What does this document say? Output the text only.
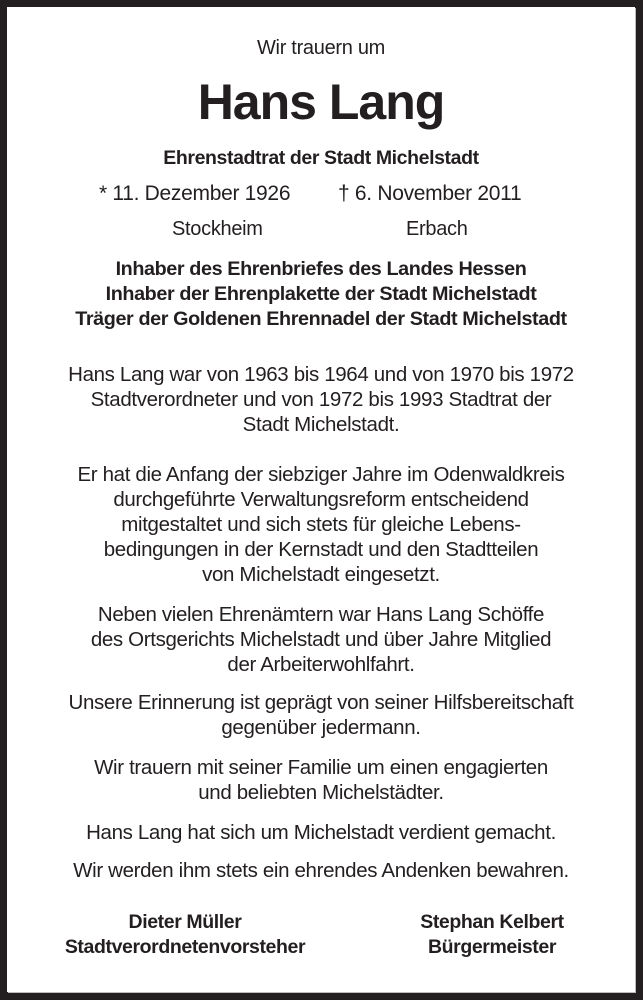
Wir trauern um
Hans Lang
Ehrenstadtrat der Stadt Michelstadt
* 11. Dezember 1926 † 6. November 2011
Stockheim	Erbach
Inhaber des Ehrenbriefes des Landes Hessen
Inhaber der Ehrenplakette der Stadt Michelstadt
Träger der Goldenen Ehrennadel der Stadt Michelstadt
Hans Lang war von 1963 bis 1964 und von 1970 bis 1972
Stadtverordneter und von 1972 bis 1993 Stadtrat der
Stadt Michelstadt.
Er hat die Anfang der siebziger Jahre im Odenwaldkreis
durchgeführte Verwaltungsreform entscheidend
mitgestaltet und sich stets für gleiche Lebens-
bedingungen in der Kernstadt und den Stadtteilen
von Michelstadt eingesetzt.
Neben vielen Ehrenämtern war Hans Lang Schöffe
des Ortsgerichts Michelstadt und über Jahre Mitglied
der Arbeiterwohlfahrt.
Unsere Erinnerung ist geprägt von seiner Hilfsbereitschaft
gegenüber jedermann.
Wir trauern mit seiner Familie um einen engagierten
und beliebten Michelstädter.
Hans Lang hat sich um Michelstadt verdient gemacht.
Wir werden ihm stets ein ehrendes Andenken bewahren.
Dieter Müller
Stadtverordnetenvorsteher
Stephan Kelbert
Bürgermeister
